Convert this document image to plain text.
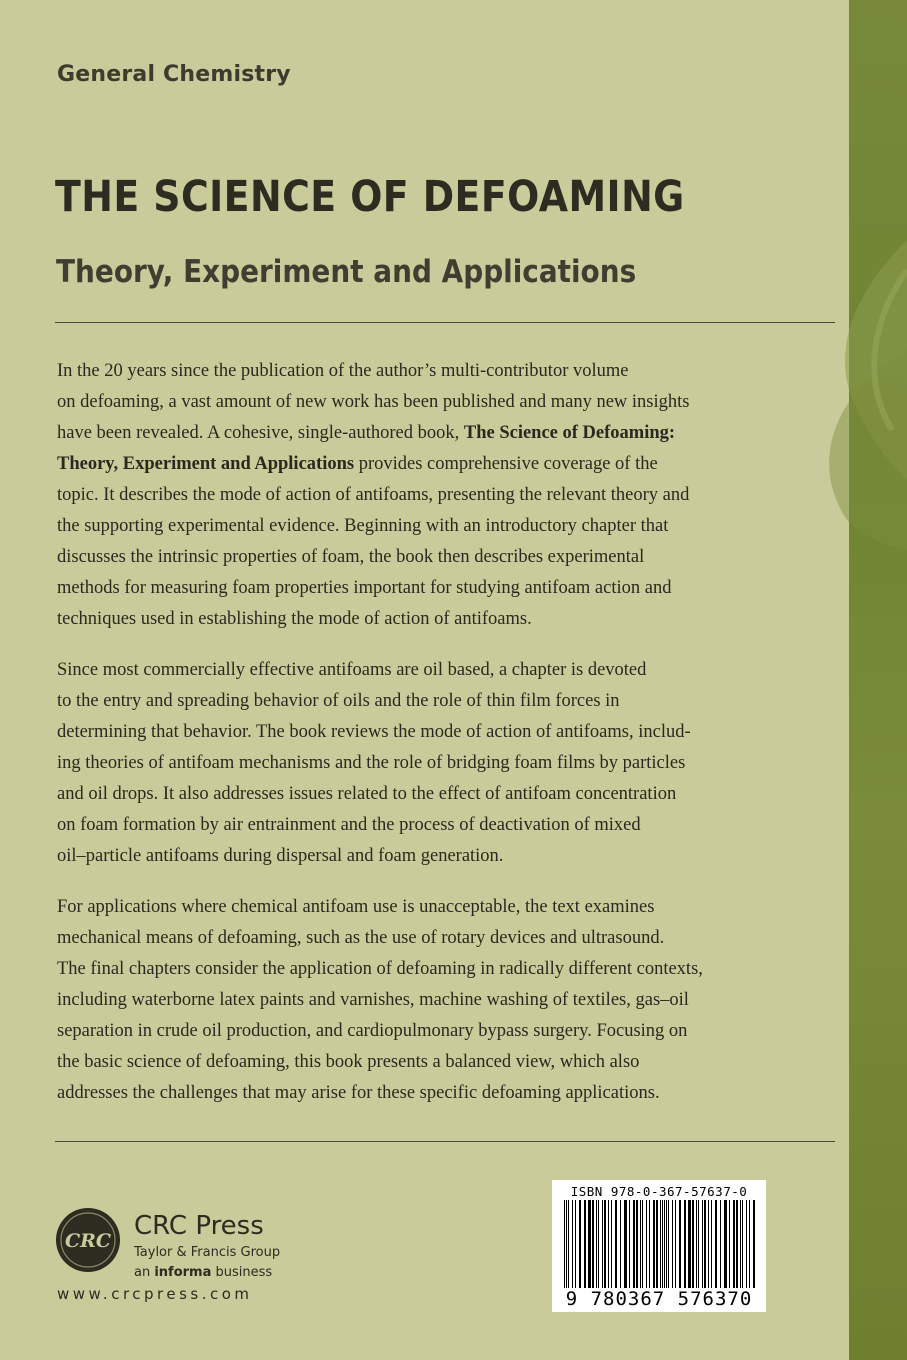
General Chemistry
THE SCIENCE OF DEFOAMING
Theory, Experiment and Applications

In the 20 years since the publication of the author’s multi-contributor volume
on defoaming, a vast amount of new work has been published and many new insights
have been revealed. A cohesive, single-authored book, The Science of Defoaming:
Theory, Experiment and Applications provides comprehensive coverage of the
topic. It describes the mode of action of antifoams, presenting the relevant theory and
the supporting experimental evidence. Beginning with an introductory chapter that
discusses the intrinsic properties of foam, the book then describes experimental
methods for measuring foam properties important for studying antifoam action and
techniques used in establishing the mode of action of antifoams.

Since most commercially effective antifoams are oil based, a chapter is devoted
to the entry and spreading behavior of oils and the role of thin film forces in
determining that behavior. The book reviews the mode of action of antifoams, includ-
ing theories of antifoam mechanisms and the role of bridging foam films by particles
and oil drops. It also addresses issues related to the effect of antifoam concentration
on foam formation by air entrainment and the process of deactivation of mixed
oil–particle antifoams during dispersal and foam generation.

For applications where chemical antifoam use is unacceptable, the text examines
mechanical means of defoaming, such as the use of rotary devices and ultrasound.
The final chapters consider the application of defoaming in radically different contexts,
including waterborne latex paints and varnishes, machine washing of textiles, gas–oil
separation in crude oil production, and cardiopulmonary bypass surgery. Focusing on
the basic science of defoaming, this book presents a balanced view, which also
addresses the challenges that may arise for these specific defoaming applications.

CRC CRC Press
Taylor & Francis Group
an informa business
www.crcpress.com
ISBN 978-0-367-57637-0
9 780367 576370
